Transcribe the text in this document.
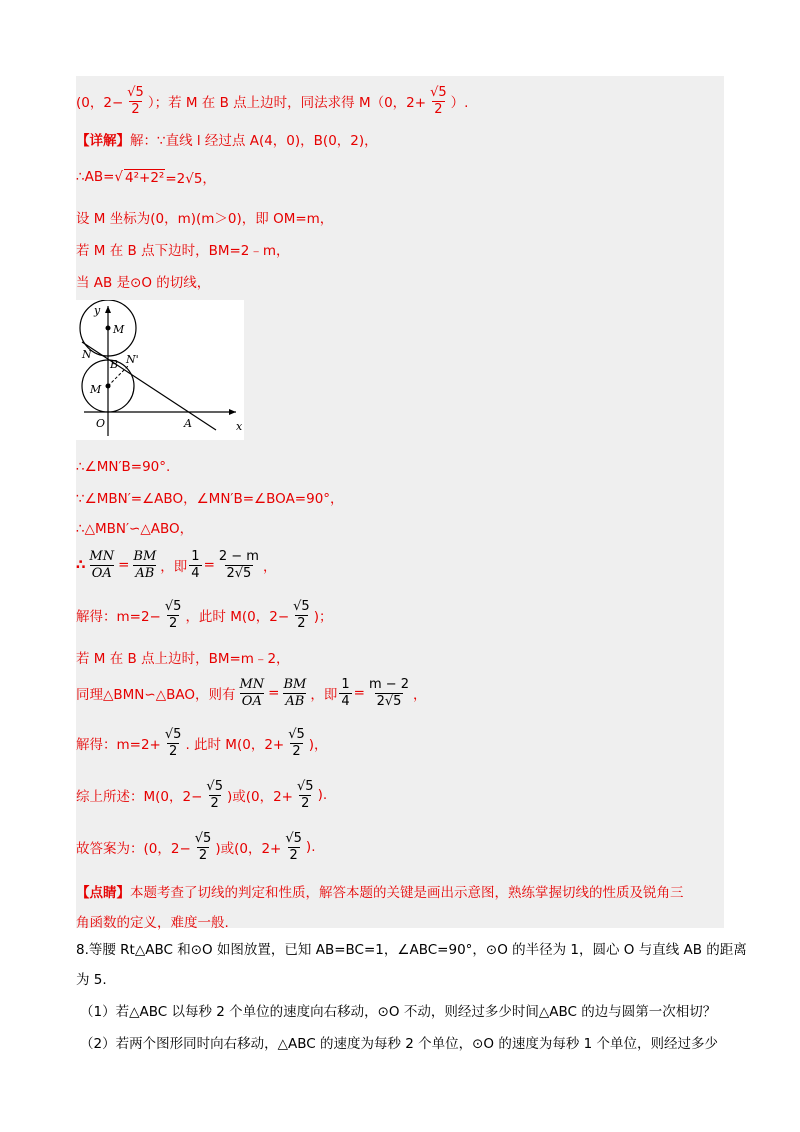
(0，$2- \frac{√5}{2}$ ）；若 M 在 B 点上边时，同法求得 M（0，$2+ \frac{√5}{2}$ ）.
【详解】 解：∵直线 l 经过点 A(4，0)，B(0，2)，
∴AB= √ 4²+2² =2√5，
设 M 坐标为(0，m)(m＞0)，即 OM=m，
若 M 在 B 点下边时，BM=2﹣m，
当 AB 是⊙O 的切线，
y
x
O	A
B
N	N'
M
M
∴∠MN′B=90°.
∵∠MBN′=∠ABO，∠MN′B=∠BOA=90°，
∴△MBN′∽△ABO，
∴ $\frac{MN}{OA} = \frac{BM}{AB}$ ，即 $\frac{1}{4} = \frac{2 - m}{2√5}$ ，
解得：$m=2- \frac{√5}{2}$ ，此时 M(0，$2- \frac{√5}{2}$ )；
若 M 在 B 点上边时，BM=m﹣2，
同理△BMN∽△BAO，则有 $\frac{MN}{OA} = \frac{BM}{AB}$ ，即 $\frac{1}{4} = \frac{m - 2}{2√5}$ ，
解得：$m=2+ \frac{√5}{2}$ . 此时 M(0，$2+ \frac{√5}{2}$ )，
综上所述：M(0，$2- \frac{√5}{2}$ )或(0，$2+ \frac{√5}{2}$ ).
故答案为：(0，$2- \frac{√5}{2}$ )或(0，$2+ \frac{√5}{2}$ ).
【点睛】 本题考查了切线的判定和性质，解答本题的关键是画出示意图，熟练掌握切线的性质及锐角三
角函数的定义，难度一般.
8.等腰 Rt△ABC 和⊙O 如图放置，已知 AB=BC=1，∠ABC=90°，⊙O 的半径为 1，圆心 O 与直线 AB 的距离
为 5.
（1）若△ABC 以每秒 2 个单位的速度向右移动，⊙O 不动，则经过多少时间△ABC 的边与圆第一次相切？
（2）若两个图形同时向右移动，△ABC 的速度为每秒 2 个单位，⊙O 的速度为每秒 1 个单位，则经过多少
